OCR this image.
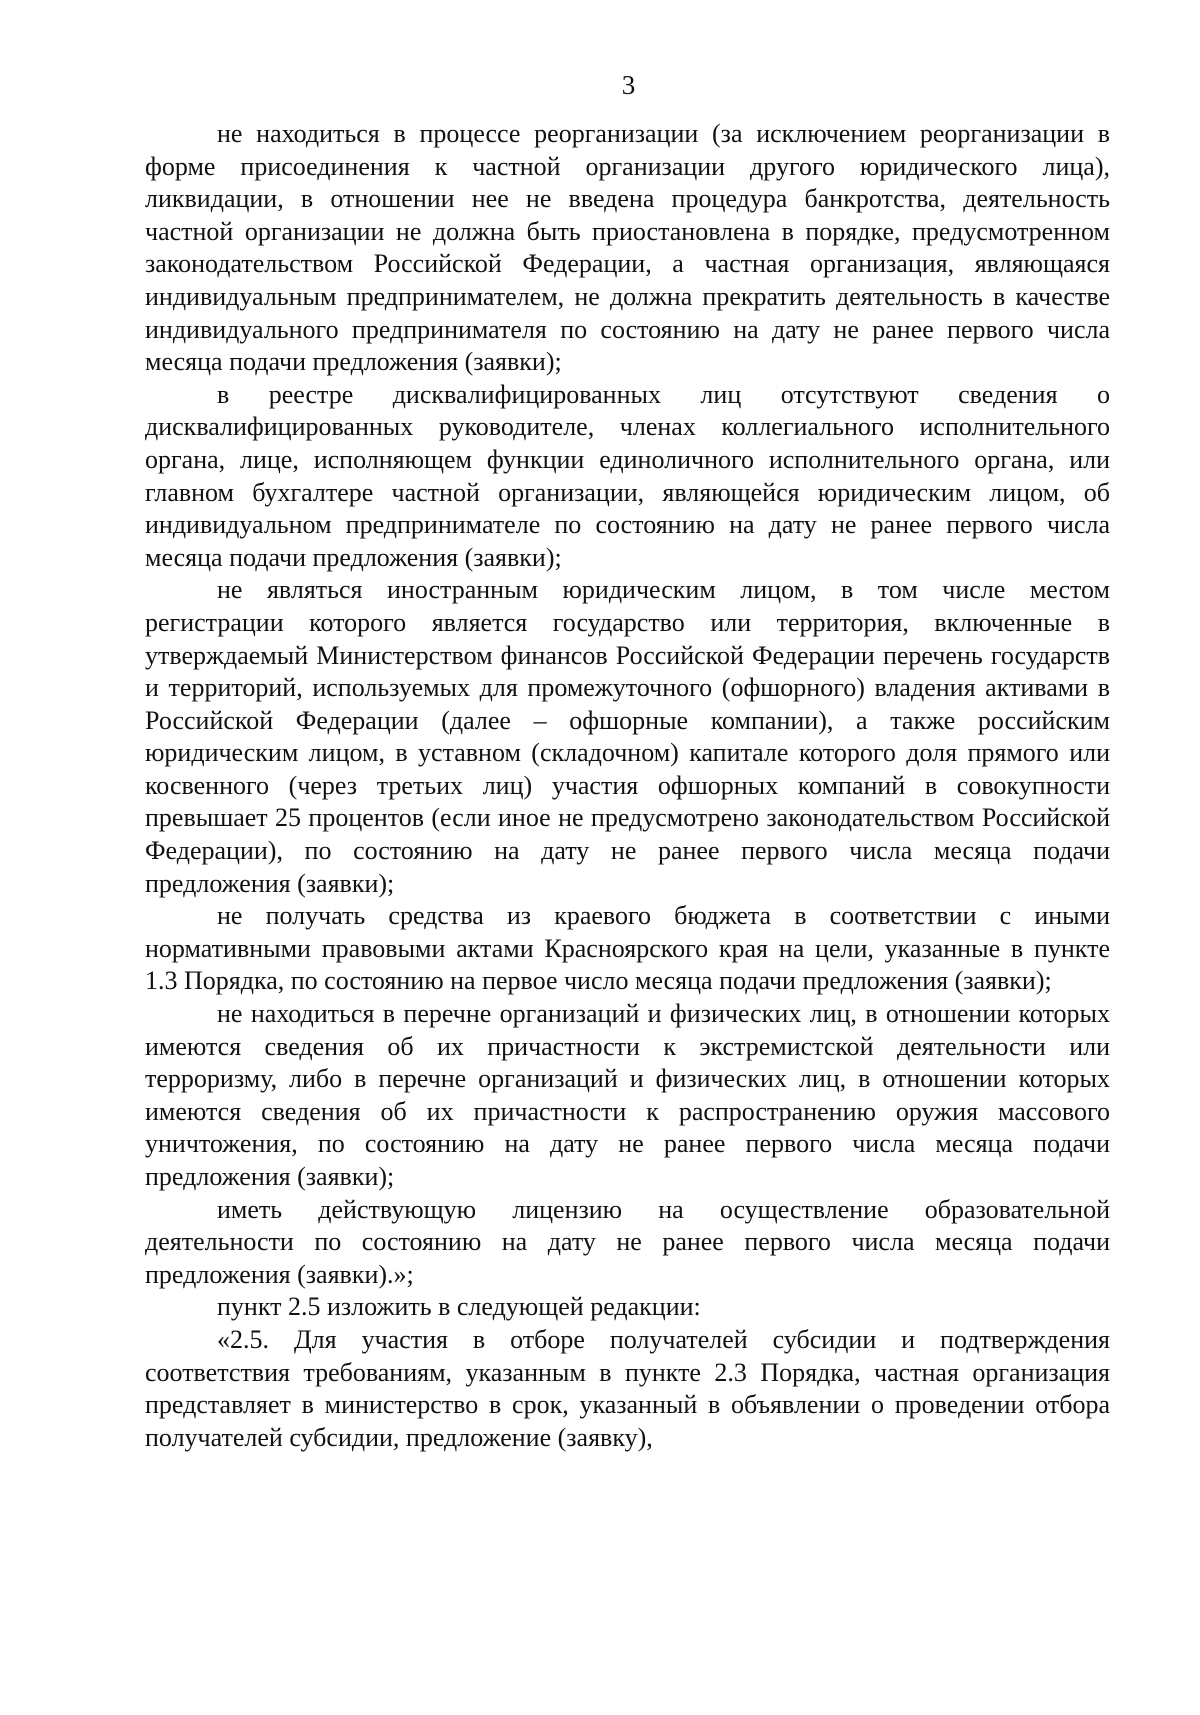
3

не находиться в процессе реорганизации (за исключением реорганизации в форме присоединения к частной организации другого юридического лица), ликвидации, в отношении нее не введена процедура банкротства, деятельность частной организации не должна быть приостановлена в порядке, предусмотренном законодательством Российской Федерации, а частная организация, являющаяся индивидуальным предпринимателем, не должна прекратить деятельность в качестве индивидуального предпринимателя по состоянию на дату не ранее первого числа месяца подачи предложения (заявки);

в реестре дисквалифицированных лиц отсутствуют сведения о дисквалифицированных руководителе, членах коллегиального исполнительного органа, лице, исполняющем функции единоличного исполнительного органа, или главном бухгалтере частной организации, являющейся юридическим лицом, об индивидуальном предпринимателе по состоянию на дату не ранее первого числа месяца подачи предложения (заявки);

не являться иностранным юридическим лицом, в том числе местом регистрации которого является государство или территория, включенные в утверждаемый Министерством финансов Российской Федерации перечень государств и территорий, используемых для промежуточного (офшорного) владения активами в Российской Федерации (далее – офшорные компании), а также российским юридическим лицом, в уставном (складочном) капитале которого доля прямого или косвенного (через третьих лиц) участия офшорных компаний в совокупности превышает 25 процентов (если иное не предусмотрено законодательством Российской Федерации), по состоянию на дату не ранее первого числа месяца подачи предложения (заявки);

не получать средства из краевого бюджета в соответствии с иными нормативными правовыми актами Красноярского края на цели, указанные в пункте 1.3 Порядка, по состоянию на первое число месяца подачи предложения (заявки);

не находиться в перечне организаций и физических лиц, в отношении которых имеются сведения об их причастности к экстремистской деятельности или терроризму, либо в перечне организаций и физических лиц, в отношении которых имеются сведения об их причастности к распространению оружия массового уничтожения, по состоянию на дату не ранее первого числа месяца подачи предложения (заявки);

иметь действующую лицензию на осуществление образовательной деятельности по состоянию на дату не ранее первого числа месяца подачи предложения (заявки).»;

пункт 2.5 изложить в следующей редакции:

«2.5. Для участия в отборе получателей субсидии и подтверждения соответствия требованиям, указанным в пункте 2.3 Порядка, частная организация представляет в министерство в срок, указанный в объявлении о проведении отбора получателей субсидии, предложение (заявку),
